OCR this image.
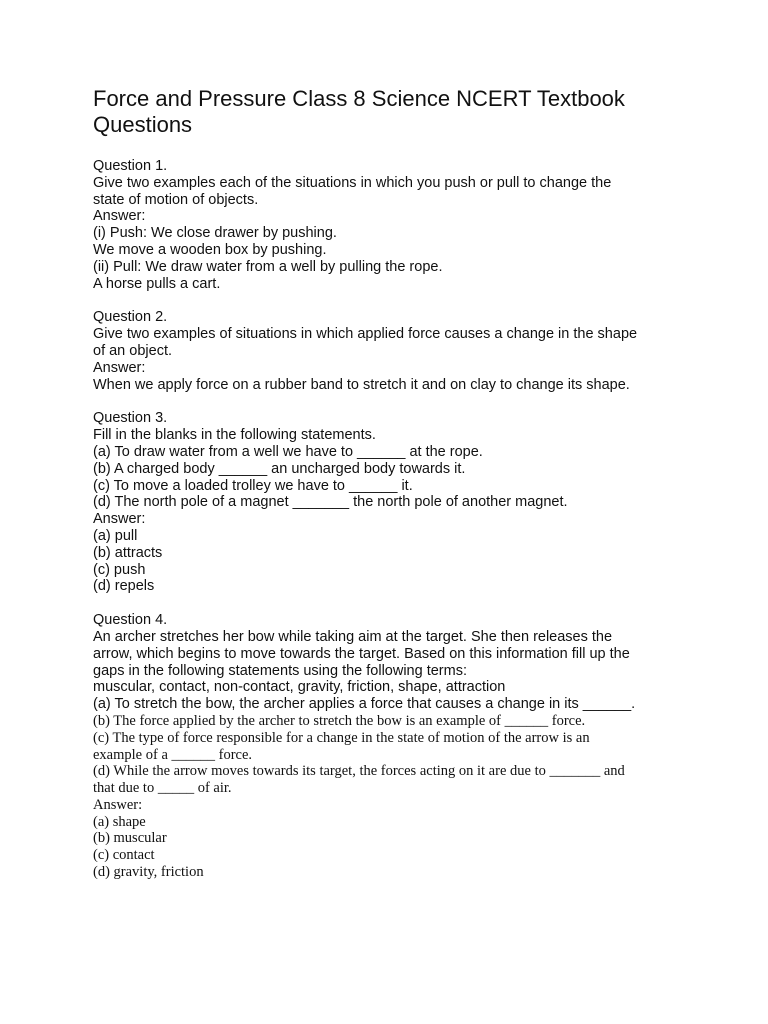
Force and Pressure Class 8 Science NCERT Textbook Questions
Question 1.
Give two examples each of the situations in which you push or pull to change the
state of motion of objects.
Answer:
(i) Push: We close drawer by pushing.
We move a wooden box by pushing.
(ii) Pull: We draw water from a well by pulling the rope.
A horse pulls a cart.
Question 2.
Give two examples of situations in which applied force causes a change in the shape
of an object.
Answer:
When we apply force on a rubber band to stretch it and on clay to change its shape.
Question 3.
Fill in the blanks in the following statements.
(a) To draw water from a well we have to ______ at the rope.
(b) A charged body ______ an uncharged body towards it.
(c) To move a loaded trolley we have to ______ it.
(d) The north pole of a magnet _______ the north pole of another magnet.
Answer:
(a) pull
(b) attracts
(c) push
(d) repels
Question 4.
An archer stretches her bow while taking aim at the target. She then releases the
arrow, which begins to move towards the target. Based on this information fill up the
gaps in the following statements using the following terms:
muscular, contact, non-contact, gravity, friction, shape, attraction
(a) To stretch the bow, the archer applies a force that causes a change in its ______.
(b) The force applied by the archer to stretch the bow is an example of ______ force.
(c) The type of force responsible for a change in the state of motion of the arrow is an
example of a ______ force.
(d) While the arrow moves towards its target, the forces acting on it are due to _______ and
that due to _____ of air.
Answer:
(a) shape
(b) muscular
(c) contact
(d) gravity, friction
